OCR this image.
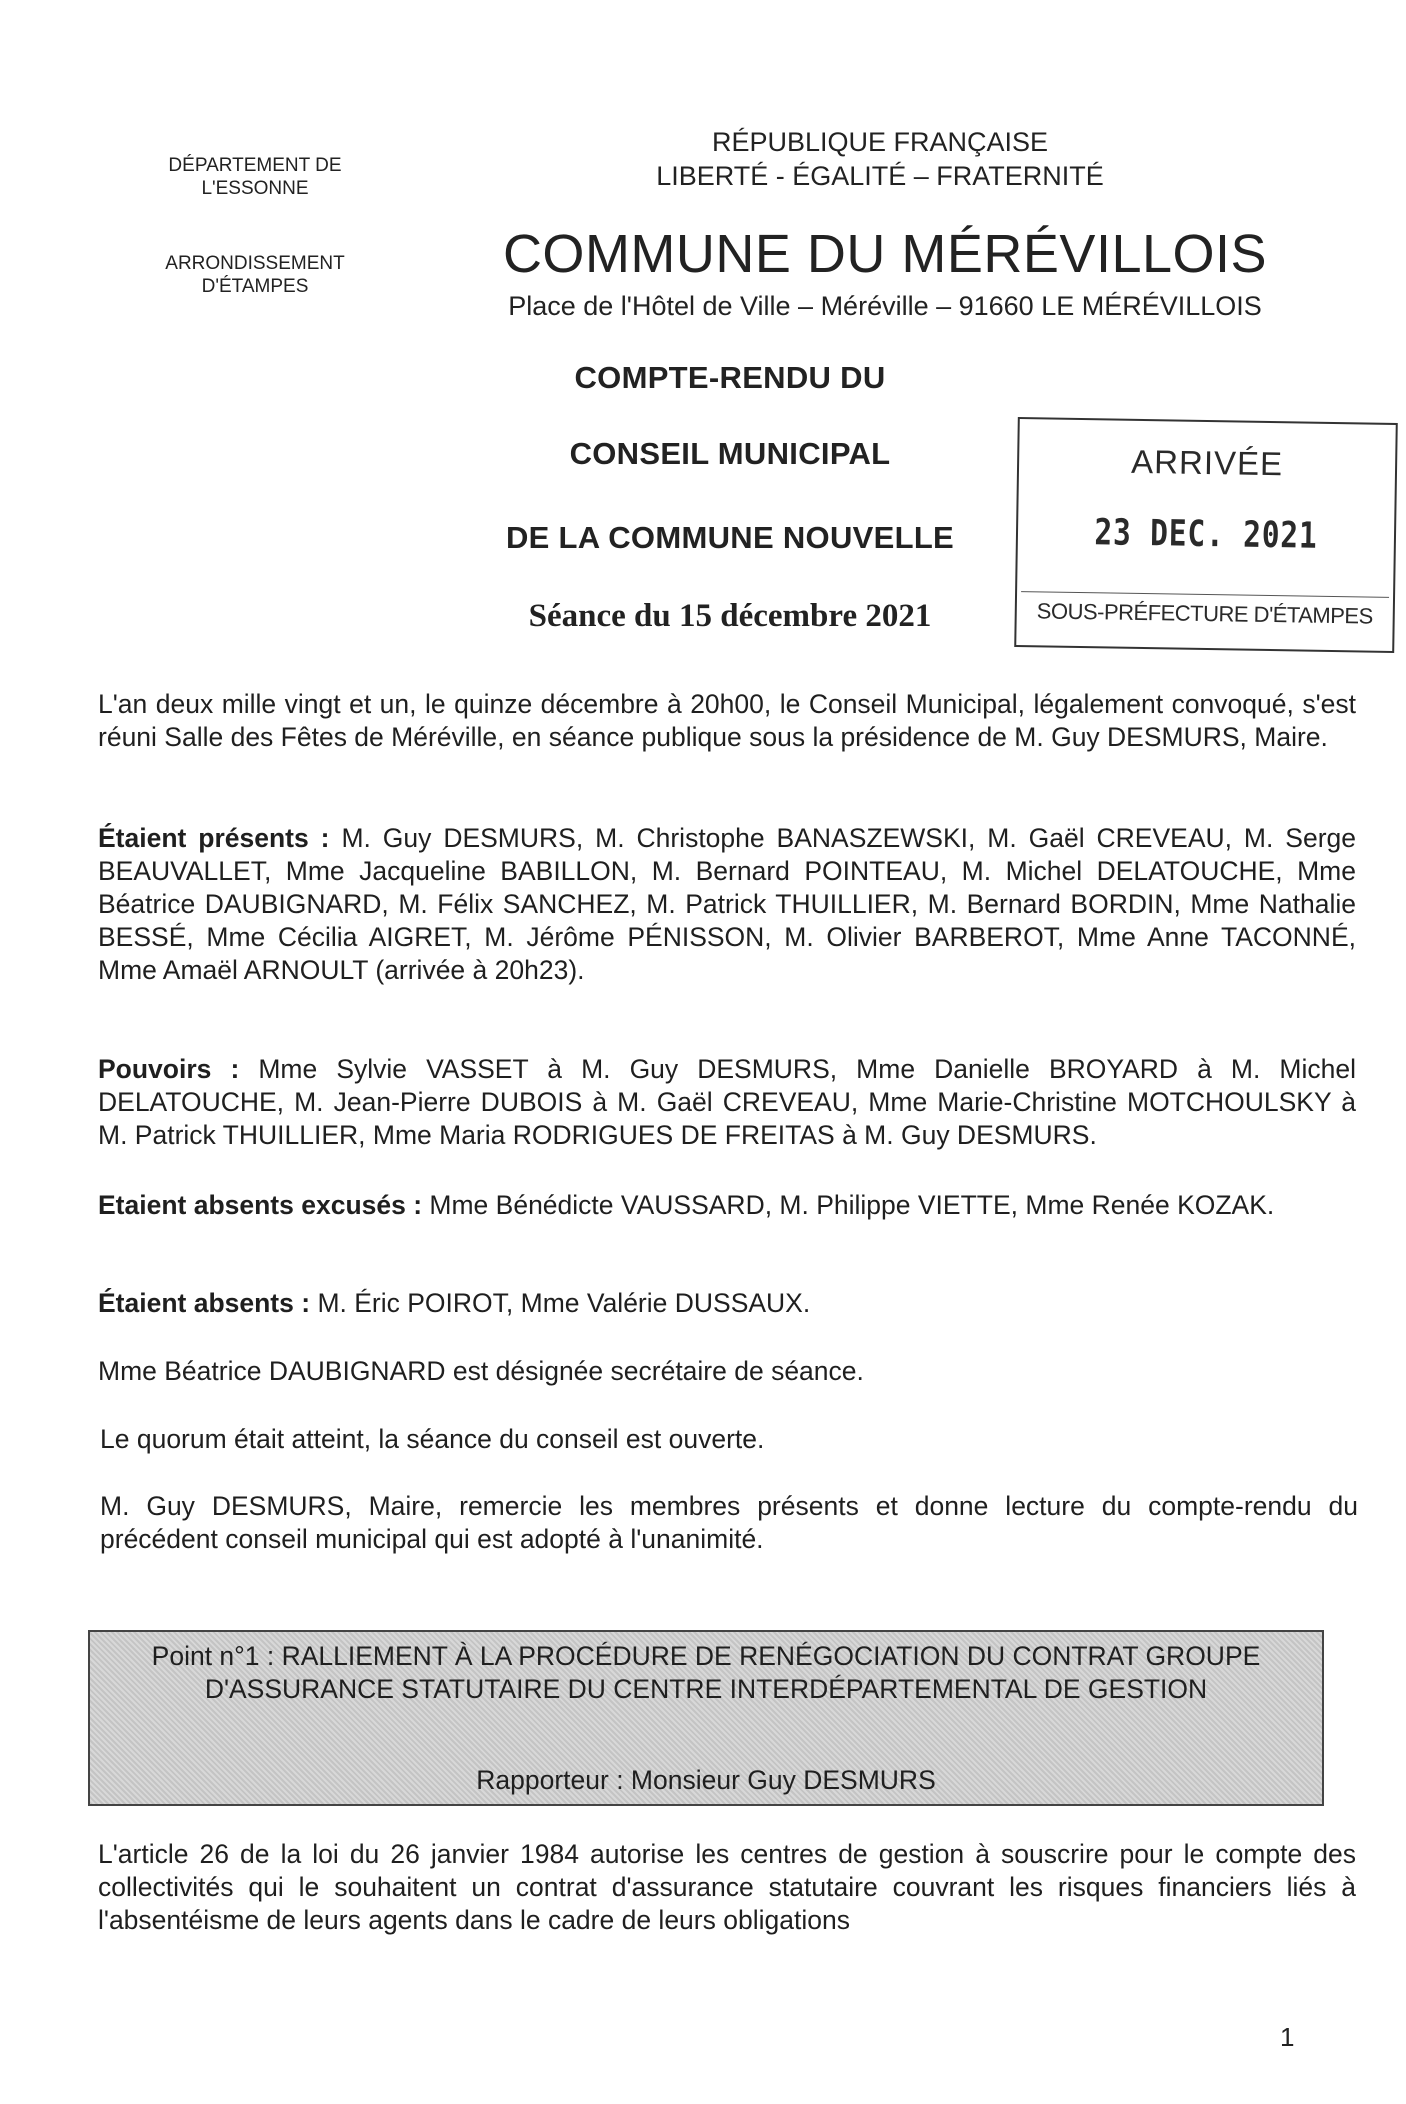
DÉPARTEMENT DE L'ESSONNE
ARRONDISSEMENT D'ÉTAMPES
RÉPUBLIQUE FRANÇAISE
LIBERTÉ - ÉGALITÉ – FRATERNITÉ
COMMUNE DU MÉRÉVILLOIS
Place de l'Hôtel de Ville – Méréville – 91660 LE MÉRÉVILLOIS
COMPTE-RENDU DU
CONSEIL MUNICIPAL
DE LA COMMUNE NOUVELLE
Séance du 15 décembre 2021
ARRIVÉE
23 DEC. 2021
SOUS-PRÉFECTURE D'ÉTAMPES

L'an deux mille vingt et un, le quinze décembre à 20h00, le Conseil Municipal, légalement convoqué, s'est réuni Salle des Fêtes de Méréville, en séance publique sous la présidence de M. Guy DESMURS, Maire.

Étaient présents : M. Guy DESMURS, M. Christophe BANASZEWSKI, M. Gaël CREVEAU, M. Serge BEAUVALLET, Mme Jacqueline BABILLON, M. Bernard POINTEAU, M. Michel DELATOUCHE, Mme Béatrice DAUBIGNARD, M. Félix SANCHEZ, M. Patrick THUILLIER, M. Bernard BORDIN, Mme Nathalie BESSÉ, Mme Cécilia AIGRET, M. Jérôme PÉNISSON, M. Olivier BARBEROT, Mme Anne TACONNÉ, Mme Amaël ARNOULT (arrivée à 20h23).

Pouvoirs : Mme Sylvie VASSET à M. Guy DESMURS, Mme Danielle BROYARD à M. Michel DELATOUCHE, M. Jean-Pierre DUBOIS à M. Gaël CREVEAU, Mme Marie-Christine MOTCHOULSKY à M. Patrick THUILLIER, Mme Maria RODRIGUES DE FREITAS à M. Guy DESMURS.

Etaient absents excusés : Mme Bénédicte VAUSSARD, M. Philippe VIETTE, Mme Renée KOZAK.

Étaient absents : M. Éric POIROT, Mme Valérie DUSSAUX.

Mme Béatrice DAUBIGNARD est désignée secrétaire de séance.

Le quorum était atteint, la séance du conseil est ouverte.

M. Guy DESMURS, Maire, remercie les membres présents et donne lecture du compte-rendu du précédent conseil municipal qui est adopté à l'unanimité.

Point n°1 : RALLIEMENT À LA PROCÉDURE DE RENÉGOCIATION DU CONTRAT GROUPE D'ASSURANCE STATUTAIRE DU CENTRE INTERDÉPARTEMENTAL DE GESTION
Rapporteur : Monsieur Guy DESMURS

L'article 26 de la loi du 26 janvier 1984 autorise les centres de gestion à souscrire pour le compte des collectivités qui le souhaitent un contrat d'assurance statutaire couvrant les risques financiers liés à l'absentéisme de leurs agents dans le cadre de leurs obligations

1
